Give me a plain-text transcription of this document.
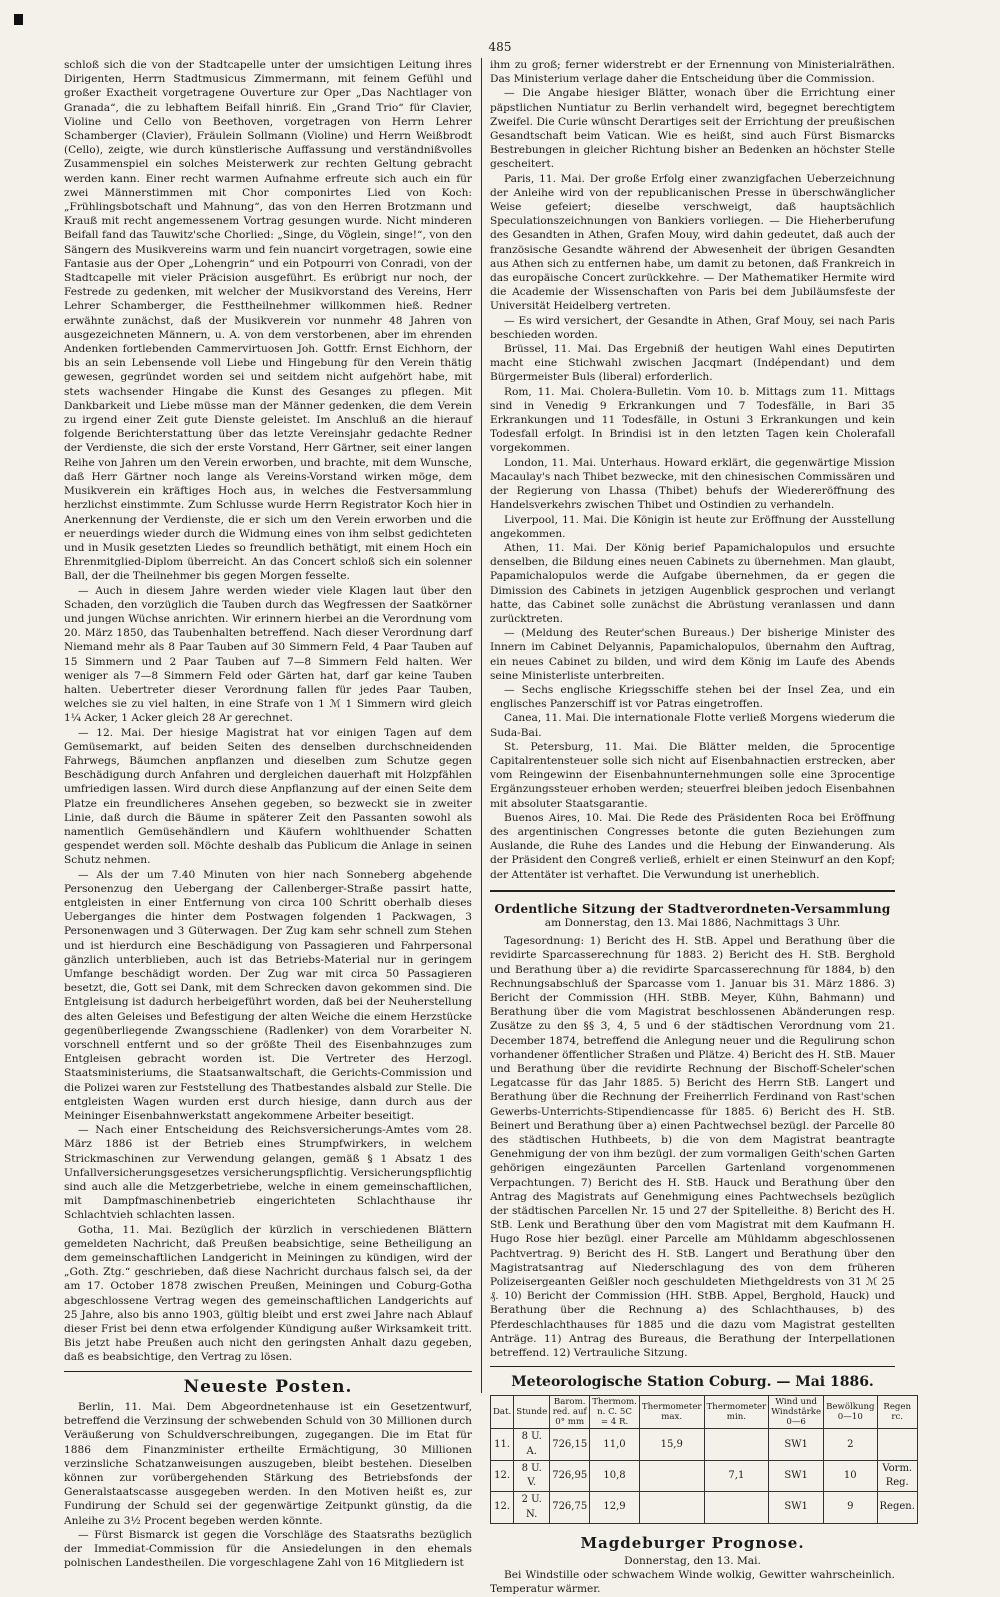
485

schloß sich die von der Stadtcapelle unter der umsichtigen Leitung ihres Dirigenten, Herrn Stadtmusicus Zimmermann, mit feinem Gefühl und großer Exactheit vorgetragene Ouverture zur Oper „Das Nachtlager von Granada“, die zu lebhaftem Beifall hinriß. Ein „Grand Trio“ für Clavier, Violine und Cello von Beethoven, vorgetragen von Herrn Lehrer Schamberger (Clavier), Fräulein Sollmann (Violine) und Herrn Weißbrodt (Cello), zeigte, wie durch künstlerische Auffassung und verständnißvolles Zusammenspiel ein solches Meisterwerk zur rechten Geltung gebracht werden kann. Einer recht warmen Aufnahme erfreute sich auch ein für zwei Männerstimmen mit Chor componirtes Lied von Koch: „Frühlingsbotschaft und Mahnung“, das von den Herren Brotzmann und Krauß mit recht angemessenem Vortrag gesungen wurde. Nicht minderen Beifall fand das Tauwitz'sche Chorlied: „Singe, du Vöglein, singe!“, von den Sängern des Musikvereins warm und fein nuancirt vorgetragen, sowie eine Fantasie aus der Oper „Lohengrin“ und ein Potpourri von Conradi, von der Stadtcapelle mit vieler Präcision ausgeführt. Es erübrigt nur noch, der Festrede zu gedenken, mit welcher der Musikvorstand des Vereins, Herr Lehrer Schamberger, die Festtheilnehmer willkommen hieß. Redner erwähnte zunächst, daß der Musikverein vor nunmehr 48 Jahren von ausgezeichneten Männern, u. A. von dem verstorbenen, aber im ehrenden Andenken fortlebenden Cammervirtuosen Joh. Gottfr. Ernst Eichhorn, der bis an sein Lebensende voll Liebe und Hingebung für den Verein thätig gewesen, gegründet worden sei und seitdem nicht aufgehört habe, mit stets wachsender Hingabe die Kunst des Gesanges zu pflegen. Mit Dankbarkeit und Liebe müsse man der Männer gedenken, die dem Verein zu irgend einer Zeit gute Dienste geleistet. Im Anschluß an die hierauf folgende Berichterstattung über das letzte Vereinsjahr gedachte Redner der Verdienste, die sich der erste Vorstand, Herr Gärtner, seit einer langen Reihe von Jahren um den Verein erworben, und brachte, mit dem Wunsche, daß Herr Gärtner noch lange als Vereins-Vorstand wirken möge, dem Musikverein ein kräftiges Hoch aus, in welches die Festversammlung herzlichst einstimmte. Zum Schlusse wurde Herrn Registrator Koch hier in Anerkennung der Verdienste, die er sich um den Verein erworben und die er neuerdings wieder durch die Widmung eines von ihm selbst gedichteten und in Musik gesetzten Liedes so freundlich bethätigt, mit einem Hoch ein Ehrenmitglied-Diplom überreicht. An das Concert schloß sich ein solenner Ball, der die Theilnehmer bis gegen Morgen fesselte.

— Auch in diesem Jahre werden wieder viele Klagen laut über den Schaden, den vorzüglich die Tauben durch das Wegfressen der Saatkörner und jungen Wüchse anrichten. Wir erinnern hierbei an die Verordnung vom 20. März 1850, das Taubenhalten betreffend. Nach dieser Verordnung darf Niemand mehr als 8 Paar Tauben auf 30 Simmern Feld, 4 Paar Tauben auf 15 Simmern und 2 Paar Tauben auf 7—8 Simmern Feld halten. Wer weniger als 7—8 Simmern Feld oder Gärten hat, darf gar keine Tauben halten. Uebertreter dieser Verordnung fallen für jedes Paar Tauben, welches sie zu viel halten, in eine Strafe von 1 ℳ 1 Simmern wird gleich 1¼ Acker, 1 Acker gleich 28 Ar gerechnet.

— 12. Mai. Der hiesige Magistrat hat vor einigen Tagen auf dem Gemüsemarkt, auf beiden Seiten des denselben durchschneidenden Fahrwegs, Bäumchen anpflanzen und dieselben zum Schutze gegen Beschädigung durch Anfahren und dergleichen dauerhaft mit Holzpfählen umfriedigen lassen. Wird durch diese Anpflanzung auf der einen Seite dem Platze ein freundlicheres Ansehen gegeben, so bezweckt sie in zweiter Linie, daß durch die Bäume in späterer Zeit den Passanten sowohl als namentlich Gemüsehändlern und Käufern wohlthuender Schatten gespendet werden soll. Möchte deshalb das Publicum die Anlage in seinen Schutz nehmen.

— Als der um 7.40 Minuten von hier nach Sonneberg abgehende Personenzug den Uebergang der Callenberger-Straße passirt hatte, entgleisten in einer Entfernung von circa 100 Schritt oberhalb dieses Ueberganges die hinter dem Postwagen folgenden 1 Packwagen, 3 Personenwagen und 3 Güterwagen. Der Zug kam sehr schnell zum Stehen und ist hierdurch eine Beschädigung von Passagieren und Fahrpersonal gänzlich unterblieben, auch ist das Betriebs-Material nur in geringem Umfange beschädigt worden. Der Zug war mit circa 50 Passagieren besetzt, die, Gott sei Dank, mit dem Schrecken davon gekommen sind. Die Entgleisung ist dadurch herbeigeführt worden, daß bei der Neuherstellung des alten Geleises und Befestigung der alten Weiche die einem Herzstücke gegenüberliegende Zwangsschiene (Radlenker) von dem Vorarbeiter N. vorschnell entfernt und so der größte Theil des Eisenbahnzuges zum Entgleisen gebracht worden ist. Die Vertreter des Herzogl. Staatsministeriums, die Staatsanwaltschaft, die Gerichts-Commission und die Polizei waren zur Feststellung des Thatbestandes alsbald zur Stelle. Die entgleisten Wagen wurden erst durch hiesige, dann durch aus der Meininger Eisenbahnwerkstatt angekommene Arbeiter beseitigt.

— Nach einer Entscheidung des Reichsversicherungs-Amtes vom 28. März 1886 ist der Betrieb eines Strumpfwirkers, in welchem Strickmaschinen zur Verwendung gelangen, gemäß § 1 Absatz 1 des Unfallversicherungsgesetzes versicherungspflichtig. Versicherungspflichtig sind auch alle die Metzgerbetriebe, welche in einem gemeinschaftlichen, mit Dampfmaschinenbetrieb eingerichteten Schlachthause ihr Schlachtvieh schlachten lassen.

Gotha, 11. Mai. Bezüglich der kürzlich in verschiedenen Blättern gemeldeten Nachricht, daß Preußen beabsichtige, seine Betheiligung an dem gemeinschaftlichen Landgericht in Meiningen zu kündigen, wird der „Goth. Ztg.“ geschrieben, daß diese Nachricht durchaus falsch sei, da der am 17. October 1878 zwischen Preußen, Meiningen und Coburg-Gotha abgeschlossene Vertrag wegen des gemeinschaftlichen Landgerichts auf 25 Jahre, also bis anno 1903, gültig bleibt und erst zwei Jahre nach Ablauf dieser Frist bei denn etwa erfolgender Kündigung außer Wirksamkeit tritt. Bis jetzt habe Preußen auch nicht den geringsten Anhalt dazu gegeben, daß es beabsichtige, den Vertrag zu lösen.

Neueste Posten.

Berlin, 11. Mai. Dem Abgeordnetenhause ist ein Gesetzentwurf, betreffend die Verzinsung der schwebenden Schuld von 30 Millionen durch Veräußerung von Schuldverschreibungen, zugegangen. Die im Etat für 1886 dem Finanzminister ertheilte Ermächtigung, 30 Millionen verzinsliche Schatzanweisungen auszugeben, bleibt bestehen. Dieselben können zur vorübergehenden Stärkung des Betriebsfonds der Generalstaatscasse ausgegeben werden. In den Motiven heißt es, zur Fundirung der Schuld sei der gegenwärtige Zeitpunkt günstig, da die Anleihe zu 3½ Procent begeben werden könnte.

— Fürst Bismarck ist gegen die Vorschläge des Staatsraths bezüglich der Immediat-Commission für die Ansiedelungen in den ehemals polnischen Landestheilen. Die vorgeschlagene Zahl von 16 Mitgliedern ist

ihm zu groß; ferner widerstrebt er der Ernennung von Ministerialräthen. Das Ministerium verlage daher die Entscheidung über die Commission.

— Die Angabe hiesiger Blätter, wonach über die Errichtung einer päpstlichen Nuntiatur zu Berlin verhandelt wird, begegnet berechtigtem Zweifel. Die Curie wünscht Derartiges seit der Errichtung der preußischen Gesandtschaft beim Vatican. Wie es heißt, sind auch Fürst Bismarcks Bestrebungen in gleicher Richtung bisher an Bedenken an höchster Stelle gescheitert.

Paris, 11. Mai. Der große Erfolg einer zwanzigfachen Ueberzeichnung der Anleihe wird von der republicanischen Presse in überschwänglicher Weise gefeiert; dieselbe verschweigt, daß hauptsächlich Speculationszeichnungen von Bankiers vorliegen. — Die Hieherberufung des Gesandten in Athen, Grafen Mouy, wird dahin gedeutet, daß auch der französische Gesandte während der Abwesenheit der übrigen Gesandten aus Athen sich zu entfernen habe, um damit zu betonen, daß Frankreich in das europäische Concert zurückkehre. — Der Mathematiker Hermite wird die Academie der Wissenschaften von Paris bei dem Jubiläumsfeste der Universität Heidelberg vertreten.

— Es wird versichert, der Gesandte in Athen, Graf Mouy, sei nach Paris beschieden worden.

Brüssel, 11. Mai. Das Ergebniß der heutigen Wahl eines Deputirten macht eine Stichwahl zwischen Jacqmart (Indépendant) und dem Bürgermeister Buls (liberal) erforderlich.

Rom, 11. Mai. Cholera-Bulletin. Vom 10. b. Mittags zum 11. Mittags sind in Venedig 9 Erkrankungen und 7 Todesfälle, in Bari 35 Erkrankungen und 11 Todesfälle, in Ostuni 3 Erkrankungen und kein Todesfall erfolgt. In Brindisi ist in den letzten Tagen kein Cholerafall vorgekommen.

London, 11. Mai. Unterhaus. Howard erklärt, die gegenwärtige Mission Macaulay's nach Thibet bezwecke, mit den chinesischen Commissären und der Regierung von Lhassa (Thibet) behufs der Wiedereröffnung des Handelsverkehrs zwischen Thibet und Ostindien zu verhandeln.

Liverpool, 11. Mai. Die Königin ist heute zur Eröffnung der Ausstellung angekommen.

Athen, 11. Mai. Der König berief Papamichalopulos und ersuchte denselben, die Bildung eines neuen Cabinets zu übernehmen. Man glaubt, Papamichalopulos werde die Aufgabe übernehmen, da er gegen die Dimission des Cabinets in jetzigen Augenblick gesprochen und verlangt hatte, das Cabinet solle zunächst die Abrüstung veranlassen und dann zurücktreten.

— (Meldung des Reuter'schen Bureaus.) Der bisherige Minister des Innern im Cabinet Delyannis, Papamichalopulos, übernahm den Auftrag, ein neues Cabinet zu bilden, und wird dem König im Laufe des Abends seine Ministerliste unterbreiten.

— Sechs englische Kriegsschiffe stehen bei der Insel Zea, und ein englisches Panzerschiff ist vor Patras eingetroffen.

Canea, 11. Mai. Die internationale Flotte verließ Morgens wiederum die Suda-Bai.

St. Petersburg, 11. Mai. Die Blätter melden, die 5procentige Capitalrentensteuer solle sich nicht auf Eisenbahnactien erstrecken, aber vom Reingewinn der Eisenbahnunternehmungen solle eine 3procentige Ergänzungssteuer erhoben werden; steuerfrei bleiben jedoch Eisenbahnen mit absoluter Staatsgarantie.

Buenos Aires, 10. Mai. Die Rede des Präsidenten Roca bei Eröffnung des argentinischen Congresses betonte die guten Beziehungen zum Auslande, die Ruhe des Landes und die Hebung der Einwanderung. Als der Präsident den Congreß verließ, erhielt er einen Steinwurf an den Kopf; der Attentäter ist verhaftet. Die Verwundung ist unerheblich.

Ordentliche Sitzung der Stadtverordneten-Versammlung
am Donnerstag, den 13. Mai 1886, Nachmittags 3 Uhr.

Tagesordnung: 1) Bericht des H. StB. Appel und Berathung über die revidirte Sparcasserechnung für 1883. 2) Bericht des H. StB. Berghold und Berathung über a) die revidirte Sparcasserechnung für 1884, b) den Rechnungsabschluß der Sparcasse vom 1. Januar bis 31. März 1886. 3) Bericht der Commission (HH. StBB. Meyer, Kühn, Bahmann) und Berathung über die vom Magistrat beschlossenen Abänderungen resp. Zusätze zu den §§ 3, 4, 5 und 6 der städtischen Verordnung vom 21. December 1874, betreffend die Anlegung neuer und die Regulirung schon vorhandener öffentlicher Straßen und Plätze. 4) Bericht des H. StB. Mauer und Berathung über die revidirte Rechnung der Bischoff-Scheler'schen Legatcasse für das Jahr 1885. 5) Bericht des Herrn StB. Langert und Berathung über die Rechnung der Freiherrlich Ferdinand von Rast'schen Gewerbs-Unterrichts-Stipendiencasse für 1885. 6) Bericht des H. StB. Beinert und Berathung über a) einen Pachtwechsel bezügl. der Parcelle 80 des städtischen Huthbeets, b) die von dem Magistrat beantragte Genehmigung der von ihm bezügl. der zum vormaligen Geith'schen Garten gehörigen eingezäunten Parcellen Gartenland vorgenommenen Verpachtungen. 7) Bericht des H. StB. Hauck und Berathung über den Antrag des Magistrats auf Genehmigung eines Pachtwechsels bezüglich der städtischen Parcellen Nr. 15 und 27 der Spitelleithe. 8) Bericht des H. StB. Lenk und Berathung über den vom Magistrat mit dem Kaufmann H. Hugo Rose hier bezügl. einer Parcelle am Mühldamm abgeschlossenen Pachtvertrag. 9) Bericht des H. StB. Langert und Berathung über den Magistratsantrag auf Niederschlagung des von dem früheren Polizeisergeanten Geißler noch geschuldeten Miethgeldrests von 31 ℳ 25 ₰. 10) Bericht der Commission (HH. StBB. Appel, Berghold, Hauck) und Berathung über die Rechnung a) des Schlachthauses, b) des Pferdeschlachthauses für 1885 und die dazu vom Magistrat gestellten Anträge. 11) Antrag des Bureaus, die Berathung der Interpellationen betreffend. 12) Vertrauliche Sitzung.

Meteorologische Station Coburg. — Mai 1886.
Dat.	Stunde	Barom. red. auf 0° mm	Thermom. n. C. 5C = 4 R.	Thermometer max.	Thermometer min.	Wind und Windstärke 0—6	Bewölkung 0—10	Regen rc.
11.	8 U. A.	726,15	11,0	15,9		SW1	2	
12.	8 U. V.	726,95	10,8		7,1	SW1	10	Vorm. Reg.
12.	2 U. N.	726,75	12,9			SW1	9	Regen.
Magdeburger Prognose.
Donnerstag, den 13. Mai.

Bei Windstille oder schwachem Winde wolkig, Gewitter wahrscheinlich. Temperatur wärmer.
